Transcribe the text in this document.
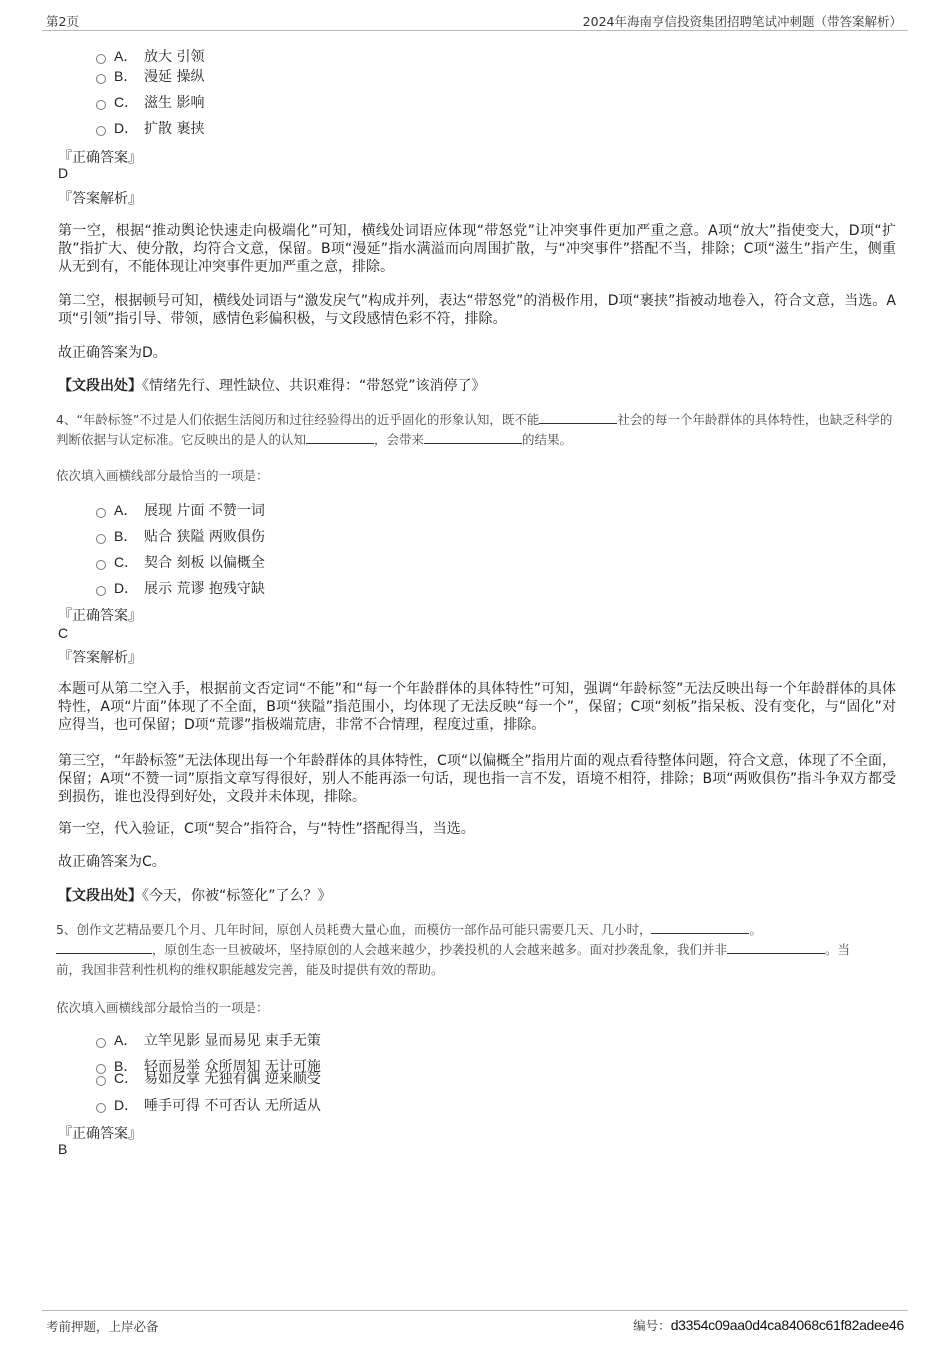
第2页	2024年海南亨信投资集团招聘笔试冲刺题（带答案解析）
A． 放大 引领
B． 漫延 操纵
C． 滋生 影响
D． 扩散 裹挟
『正确答案』
D
『答案解析』
第一空，根据“推动舆论快速走向极端化”可知，横线处词语应体现“带怒党”让冲突事件更加严重之意。A项“放大”指使变大，D项“扩散”指扩大、使分散，均符合文意，保留。B项“漫延”指水满溢而向周围扩散，与“冲突事件”搭配不当，排除；C项“滋生”指产生，侧重从无到有，不能体现让冲突事件更加严重之意，排除。
第二空，根据顿号可知，横线处词语与“激发戾气”构成并列，表达“带怒党”的消极作用，D项“裹挟”指被动地卷入，符合文意，当选。A项“引领”指引导、带领，感情色彩偏积极，与文段感情色彩不符，排除。
故正确答案为D。
【文段出处】《情绪先行、理性缺位、共识难得：“带怒党”该消停了》
4、“年龄标签”不过是人们依据生活阅历和过往经验得出的近乎固化的形象认知，既不能	社会的每一个年龄群体的具体特性，也缺乏科学的判断依据与认定标准。它反映出的是人的认知	，会带来	的结果。
依次填入画横线部分最恰当的一项是：
A． 展现 片面 不赞一词
B． 贴合 狭隘 两败俱伤
C． 契合 刻板 以偏概全
D． 展示 荒谬 抱残守缺
『正确答案』
C
『答案解析』
本题可从第二空入手，根据前文否定词“不能”和“每一个年龄群体的具体特性”可知，强调“年龄标签”无法反映出每一个年龄群体的具体特性，A项“片面”体现了不全面，B项“狭隘”指范围小，均体现了无法反映“每一个”，保留；C项“刻板”指呆板、没有变化，与“固化”对应得当，也可保留；D项“荒谬”指极端荒唐，非常不合情理，程度过重，排除。
第三空，“年龄标签”无法体现出每一个年龄群体的具体特性，C项“以偏概全”指用片面的观点看待整体问题，符合文意，体现了不全面，保留；A项“不赞一词”原指文章写得很好，别人不能再添一句话，现也指一言不发，语境不相符，排除；B项“两败俱伤”指斗争双方都受到损伤，谁也没得到好处，文段并未体现，排除。
第一空，代入验证，C项“契合”指符合，与“特性”搭配得当，当选。
故正确答案为C。
【文段出处】《今天，你被“标签化”了么？》
5、创作文艺精品要几个月、几年时间，原创人员耗费大量心血，而模仿一部作品可能只需要几天、几小时，	。
，原创生态一旦被破坏，坚持原创的人会越来越少，抄袭投机的人会越来越多。面对抄袭乱象，我们并非	。当
前，我国非营利性机构的维权职能越发完善，能及时提供有效的帮助。
依次填入画横线部分最恰当的一项是：
A． 立竿见影 显而易见 束手无策
B． 轻而易举 众所周知 无计可施
C． 易如反掌 无独有偶 逆来顺受
D． 唾手可得 不可否认 无所适从
『正确答案』
B
考前押题，上岸必备	编号：d3354c09aa0d4ca84068c61f82adee46
